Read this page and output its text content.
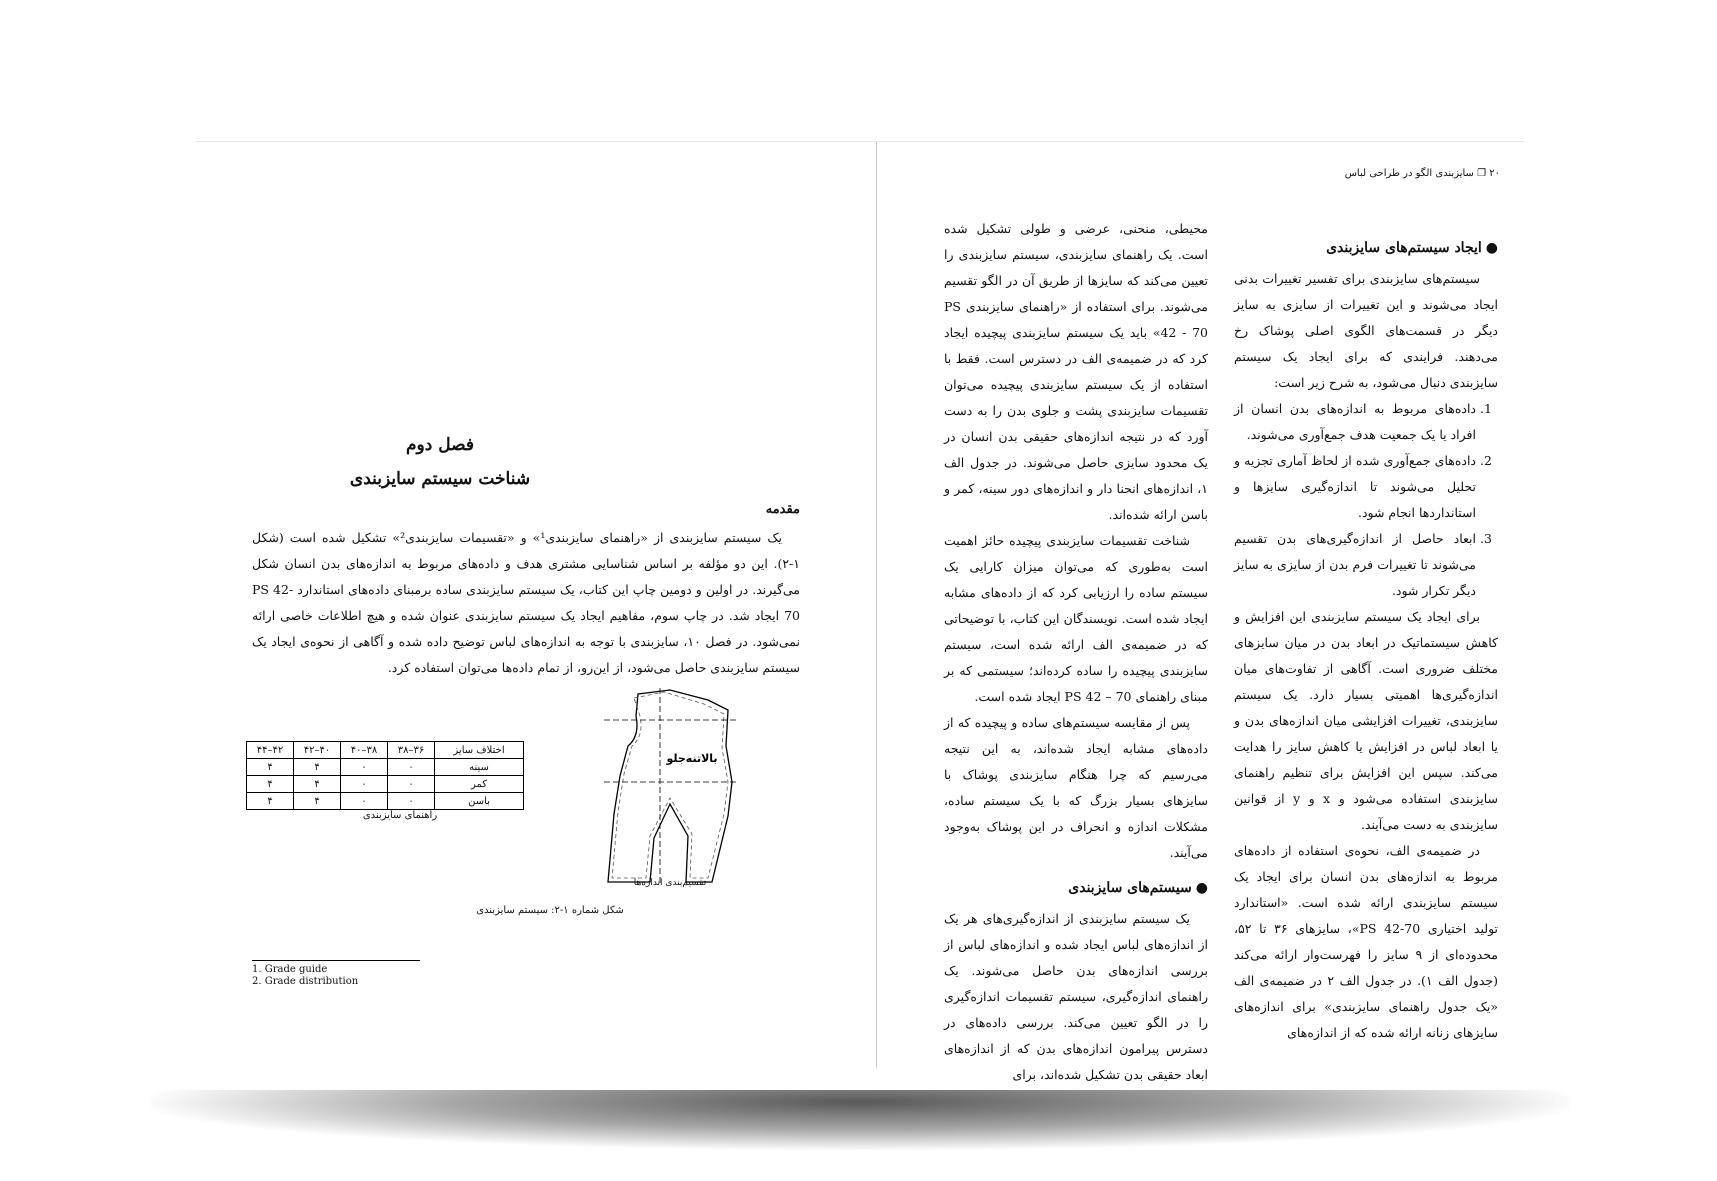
فصل دوم
شناخت سیستم سایزبندی
مقدمه

یک سیستم سایزبندی از «راهنمای سایزبندی¹» و «تقسیمات سایزبندی²» تشکیل شده است (شکل ۱-۲). این دو مؤلفه بر اساس شناسایی مشتری هدف و داده‌های مربوط به اندازه‌های بدن انسان شکل می‌گیرند. در اولین و دومین چاپ این کتاب، یک سیستم سایزبندی ساده برمبنای داده‌های استاندارد PS 42-70 ایجاد شد. در چاپ سوم، مفاهیم ایجاد یک سیستم سایزبندی عنوان شده و هیچ اطلاعات خاصی ارائه نمی‌شود. در فصل ۱۰، سایزبندی با توجه به اندازه‌های لباس توضیح داده شده و آگاهی از نحوه‌ی ایجاد یک سیستم سایزبندی حاصل می‌شود، از این‌رو، از تمام داده‌ها می‌توان استفاده کرد.

اختلاف سایز	۳۶–۳۸	۳۸–۴۰	۴۰–۴۲	۴۲–۴۴
سینه	۰	۰	۴	۴
کمر	۰	۰	۴	۴
باسن	۰	۰	۴	۴
راهنمای سایزبندی
بالاتنه‌جلو
تقسیم‌بندی اندازه‌ها
شکل شماره ۱-۲: سیستم سایزبندی
1. Grade guide
2. Grade distribution
۲۰ ❐ سایزبندی الگو در طراحی لباس

محیطی، منحنی، عرضی و طولی تشکیل شده است. یک راهنمای سایزبندی، سیستم سایزبندی را تعیین می‌کند که سایزها از طریق آن در الگو تقسیم می‌شوند. برای استفاده از «راهنمای سایزبندی PS 42 - 70» باید یک سیستم سایزبندی پیچیده ایجاد کرد که در ضمیمه‌ی الف در دسترس است. فقط با استفاده از یک سیستم سایزبندی پیچیده می‌توان تقسیمات سایزبندی پشت و جلوی بدن را به دست آورد که در نتیجه اندازه‌های حقیقی بدن انسان در یک محدود سایزی حاصل می‌شوند. در جدول الف ۱، اندازه‌های انحنا دار و اندازه‌های دور سینه، کمر و باسن ارائه شده‌اند.

شناخت تقسیمات سایزبندی پیچیده حائز اهمیت است به‌طوری که می‌توان میزان کارایی یک سیستم ساده را ارزیابی کرد که از داده‌های مشابه ایجاد شده است. نویسندگان این کتاب، با توضیحاتی که در ضمیمه‌ی الف ارائه شده است، سیستم سایزبندی پیچیده را ساده کرده‌اند؛ سیستمی که بر مبنای راهنمای PS 42 – 70 ایجاد شده است.

پس از مقایسه سیستم‌های ساده و پیچیده که از داده‌های مشابه ایجاد شده‌اند، به این نتیجه می‌رسیم که چرا هنگام سایزبندی پوشاک با سایزهای بسیار بزرگ که با یک سیستم ساده، مشکلات اندازه و انحراف در این پوشاک به‌وجود می‌آیند.

●سیستم‌های سایزبندی

یک سیستم سایزبندی از اندازه‌گیری‌های هر یک از اندازه‌های لباس ایجاد شده و اندازه‌های لباس از بررسی اندازه‌های بدن حاصل می‌شوند. یک راهنمای اندازه‌گیری، سیستم تقسیمات اندازه‌گیری را در الگو تعیین می‌کند. بررسی داده‌های در دسترس پیرامون اندازه‌های بدن که از اندازه‌های ابعاد حقیقی بدن تشکیل شده‌اند، برای

●ایجاد سیستم‌های سایزبندی

سیستم‌های سایزبندی برای تفسیر تغییرات بدنی ایجاد می‌شوند و این تغییرات از سایزی به سایز دیگر در قسمت‌های الگوی اصلی پوشاک رخ می‌دهند. فرایندی که برای ایجاد یک سیستم سایزبندی دنبال می‌شود، به شرح زیر است:

1. داده‌های مربوط به اندازه‌های بدن انسان از افراد یا یک جمعیت هدف جمع‌آوری می‌شوند.
2. داده‌های جمع‌آوری شده از لحاظ آماری تجزیه و تحلیل می‌شوند تا اندازه‌گیری سایزها و استانداردها انجام شود.
3. ابعاد حاصل از اندازه‌گیری‌های بدن تقسیم می‌شوند تا تغییرات فرم بدن از سایزی به سایز دیگر تکرار شود.

برای ایجاد یک سیستم سایزبندی این افزایش و کاهش سیستماتیک در ابعاد بدن در میان سایزهای مختلف ضروری است. آگاهی از تفاوت‌های میان اندازه‌گیری‌ها اهمیتی بسیار دارد. یک سیستم سایزبندی، تغییرات افزایشی میان اندازه‌های بدن و یا ابعاد لباس در افزایش یا کاهش سایز را هدایت می‌کند. سپس این افزایش برای تنظیم راهنمای سایزبندی استفاده می‌شود و x و y از قوانین سایزبندی به دست می‌آیند.

در ضمیمه‌ی الف، نحوه‌ی استفاده از داده‌های مربوط به اندازه‌های بدن انسان برای ایجاد یک سیستم سایزبندی ارائه شده است. «استاندارد تولید اختیاری PS 42-70»، سایزهای ۳۶ تا ۵۲، محدوده‌ای از ۹ سایز را فهرست‌وار ارائه می‌کند (جدول الف ۱). در جدول الف ۲ در ضمیمه‌ی الف «یک جدول راهنمای سایزبندی» برای اندازه‌های سایزهای زنانه ارائه شده که از اندازه‌های
